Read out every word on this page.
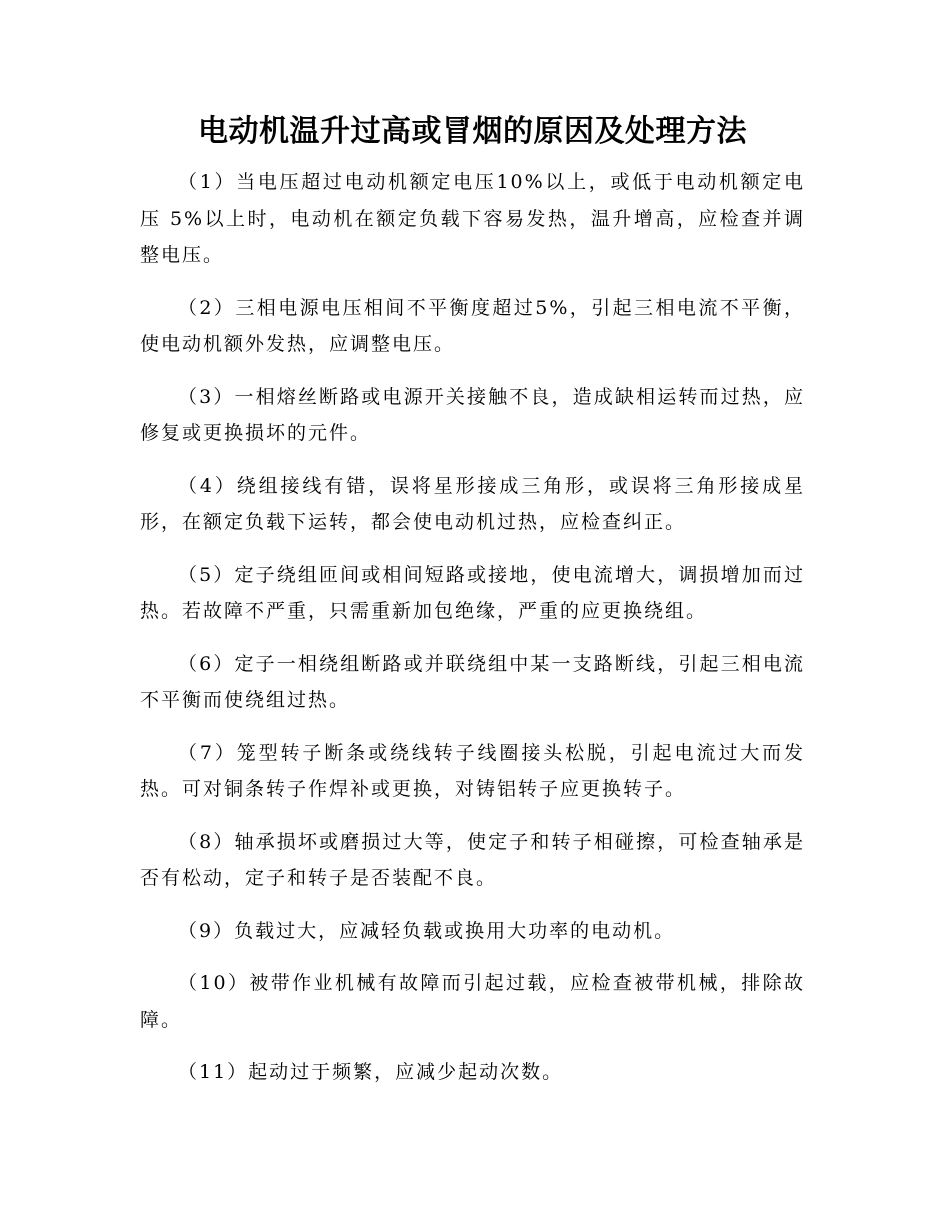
电动机温升过高或冒烟的原因及处理方法

（1）当电压超过电动机额定电压10%以上，或低于电动机额定电压 5%以上时，电动机在额定负载下容易发热，温升增高，应检查并调整电压。

（2）三相电源电压相间不平衡度超过5%，引起三相电流不平衡，使电动机额外发热，应调整电压。

（3）一相熔丝断路或电源开关接触不良，造成缺相运转而过热，应修复或更换损坏的元件。

（4）绕组接线有错，误将星形接成三角形，或误将三角形接成星形，在额定负载下运转，都会使电动机过热，应检查纠正。

（5）定子绕组匝间或相间短路或接地，使电流增大，调损增加而过热。若故障不严重，只需重新加包绝缘，严重的应更换绕组。

（6）定子一相绕组断路或并联绕组中某一支路断线，引起三相电流不平衡而使绕组过热。

（7）笼型转子断条或绕线转子线圈接头松脱，引起电流过大而发热。可对铜条转子作焊补或更换，对铸铝转子应更换转子。

（8）轴承损坏或磨损过大等，使定子和转子相碰擦，可检查轴承是否有松动，定子和转子是否装配不良。

（9）负载过大，应减轻负载或换用大功率的电动机。

（10）被带作业机械有故障而引起过载，应检查被带机械，排除故障。

（11）起动过于频繁，应减少起动次数。
